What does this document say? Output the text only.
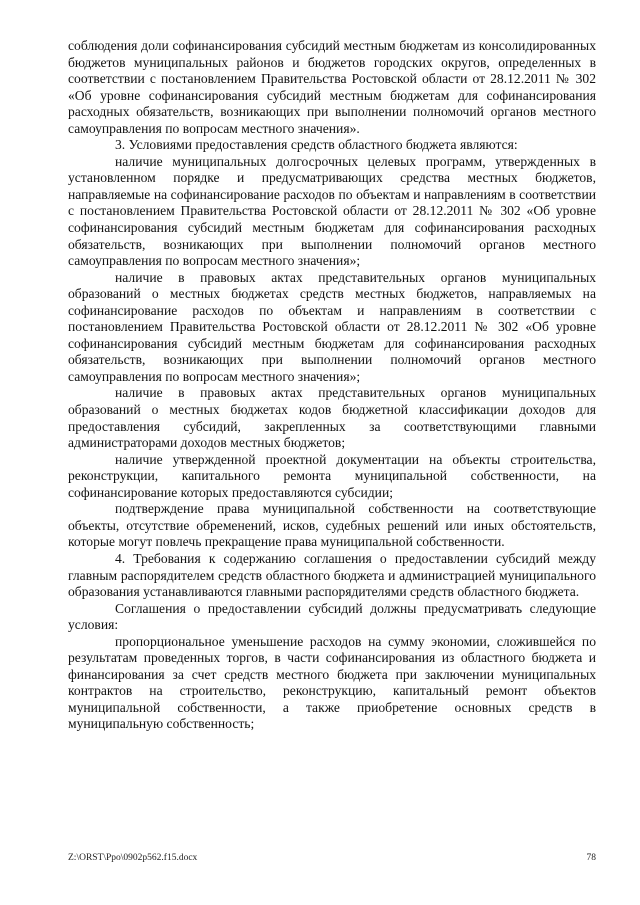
соблюдения доли софинансирования субсидий местным бюджетам из консолидированных бюджетов муниципальных районов и бюджетов городских округов, определенных в соответствии с постановлением Правительства Ростовской области от 28.12.2011 № 302 «Об уровне софинансирования субсидий местным бюджетам для софинансирования расходных обязательств, возникающих при выполнении полномочий органов местного самоуправления по вопросам местного значения».

3. Условиями предоставления средств областного бюджета являются:

наличие муниципальных долгосрочных целевых программ, утвержденных в установленном порядке и предусматривающих средства местных бюджетов, направляемые на софинансирование расходов по объектам и направлениям в соответствии с постановлением Правительства Ростовской области от 28.12.2011 № 302 «Об уровне софинансирования субсидий местным бюджетам для софинансирования расходных обязательств, возникающих при выполнении полномочий органов местного самоуправления по вопросам местного значения»;

наличие в правовых актах представительных органов муниципальных образований о местных бюджетах средств местных бюджетов, направляемых на софинансирование расходов по объектам и направлениям в соответствии с постановлением Правительства Ростовской области от 28.12.2011 № 302 «Об уровне софинансирования субсидий местным бюджетам для софинансирования расходных обязательств, возникающих при выполнении полномочий органов местного самоуправления по вопросам местного значения»;

наличие в правовых актах представительных органов муниципальных образований о местных бюджетах кодов бюджетной классификации доходов для предоставления субсидий, закрепленных за соответствующими главными администраторами доходов местных бюджетов;

наличие утвержденной проектной документации на объекты строительства, реконструкции, капитального ремонта муниципальной собственности, на софинансирование которых предоставляются субсидии;

подтверждение права муниципальной собственности на соответствующие объекты, отсутствие обременений, исков, судебных решений или иных обстоятельств, которые могут повлечь прекращение права муниципальной собственности.

4. Требования к содержанию соглашения о предоставлении субсидий между главным распорядителем средств областного бюджета и администрацией муниципального образования устанавливаются главными распорядителями средств областного бюджета.

Соглашения о предоставлении субсидий должны предусматривать следующие условия:

пропорциональное уменьшение расходов на сумму экономии, сложившейся по результатам проведенных торгов, в части софинансирования из областного бюджета и финансирования за счет средств местного бюджета при заключении муниципальных контрактов на строительство, реконструкцию, капитальный ремонт объектов муниципальной собственности, а также приобретение основных средств в муниципальную собственность;

Z:\ORST\Ppo\0902p562.f15.docx	78
